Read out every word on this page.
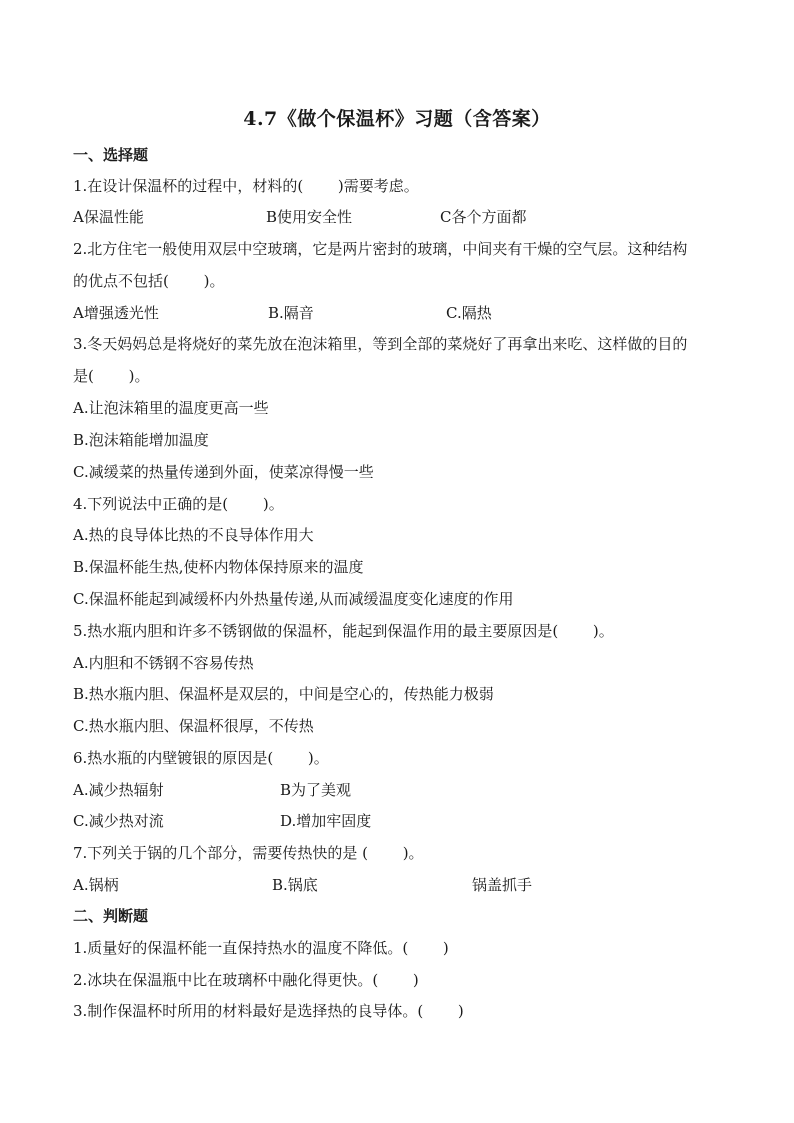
4.7《做个保温杯》习题（含答案）
一、选择题
1.在设计保温杯的过程中，材料的(　　 )需要考虑。
A保温性能	B使用安全性	C各个方面都
2.北方住宅一般使用双层中空玻璃，它是两片密封的玻璃，中间夹有干燥的空气层。这种结构
的优点不包括(　　 )。
A增强透光性	B.隔音	C.隔热
3.冬天妈妈总是将烧好的菜先放在泡沫箱里，等到全部的菜烧好了再拿出来吃、这样做的目的
是(　　 )。
A.让泡沫箱里的温度更高一些
B.泡沫箱能增加温度
C.减缓菜的热量传递到外面，使菜凉得慢一些
4.下列说法中正确的是(　　 )。
A.热的良导体比热的不良导体作用大
B.保温杯能生热,使杯内物体保持原来的温度
C.保温杯能起到减缓杯内外热量传递,从而减缓温度变化速度的作用
5.热水瓶内胆和许多不锈钢做的保温杯，能起到保温作用的最主要原因是(　　 )。
A.内胆和不锈钢不容易传热
B.热水瓶内胆、保温杯是双层的，中间是空心的，传热能力极弱
C.热水瓶内胆、保温杯很厚，不传热
6.热水瓶的内壁镀银的原因是(　　 )。
A.减少热辐射	B为了美观
C.减少热对流	D.增加牢固度
7.下列关于锅的几个部分，需要传热快的是 (　　 )。
A.锅柄	B.锅底	锅盖抓手
二、判断题
1.质量好的保温杯能一直保持热水的温度不降低。(　　 )
2.冰块在保温瓶中比在玻璃杯中融化得更快。(　　 )
3.制作保温杯时所用的材料最好是选择热的良导体。(　　 )
